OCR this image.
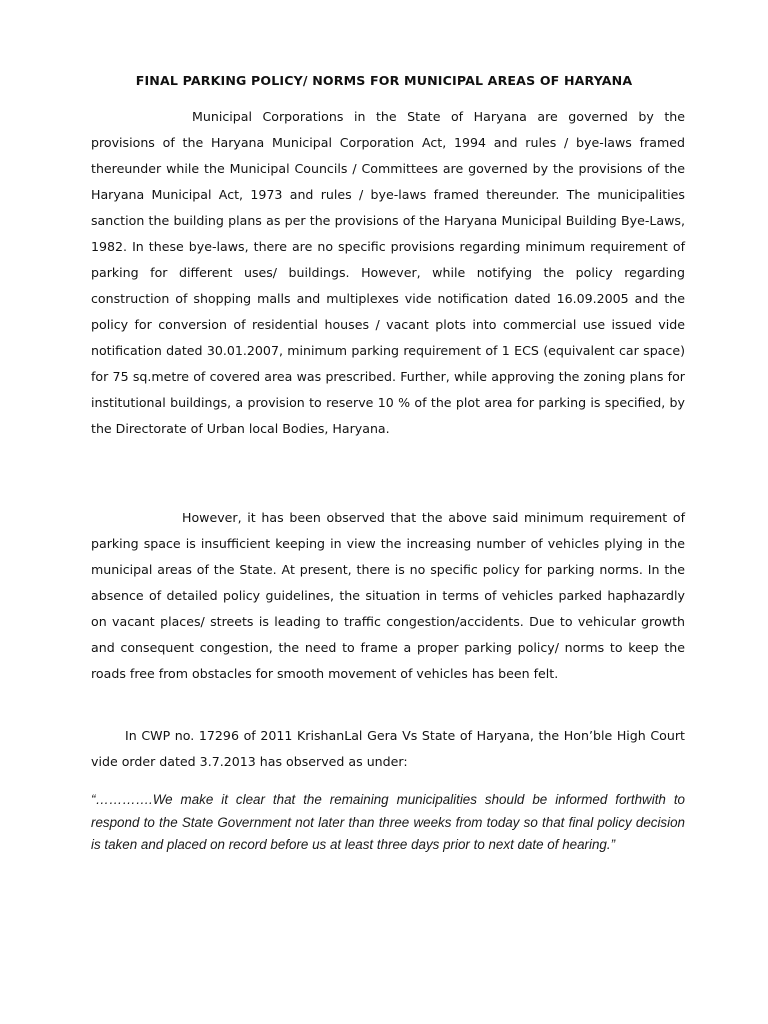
FINAL PARKING POLICY/ NORMS FOR MUNICIPAL AREAS OF HARYANA

Municipal Corporations in the State of Haryana are governed by the provisions of the Haryana Municipal Corporation Act, 1994 and rules / bye-laws framed thereunder while the Municipal Councils / Committees are governed by the provisions of the Haryana Municipal Act, 1973 and rules / bye-laws framed thereunder. The municipalities sanction the building plans as per the provisions of the Haryana Municipal Building Bye-Laws, 1982. In these bye-laws, there are no specific provisions regarding minimum requirement of parking for different uses/ buildings. However, while notifying the policy regarding construction of shopping malls and multiplexes vide notification dated 16.09.2005 and the policy for conversion of residential houses / vacant plots into commercial use issued vide notification dated 30.01.2007, minimum parking requirement of 1 ECS (equivalent car space) for 75 sq.metre of covered area was prescribed. Further, while approving the zoning plans for institutional buildings, a provision to reserve 10 % of the plot area for parking is specified, by the Directorate of Urban local Bodies, Haryana.

However, it has been observed that the above said minimum requirement of parking space is insufficient keeping in view the increasing number of vehicles plying in the municipal areas of the State. At present, there is no specific policy for parking norms. In the absence of detailed policy guidelines, the situation in terms of vehicles parked haphazardly on vacant places/ streets is leading to traffic congestion/accidents. Due to vehicular growth and consequent congestion, the need to frame a proper parking policy/ norms to keep the roads free from obstacles for smooth movement of vehicles has been felt.

In CWP no. 17296 of 2011 KrishanLal Gera Vs State of Haryana, the Hon’ble High Court vide order dated 3.7.2013 has observed as under:

“………….We make it clear that the remaining municipalities should be informed forthwith to respond to the State Government not later than three weeks from today so that final policy decision is taken and placed on record before us at least three days prior to next date of hearing.”
